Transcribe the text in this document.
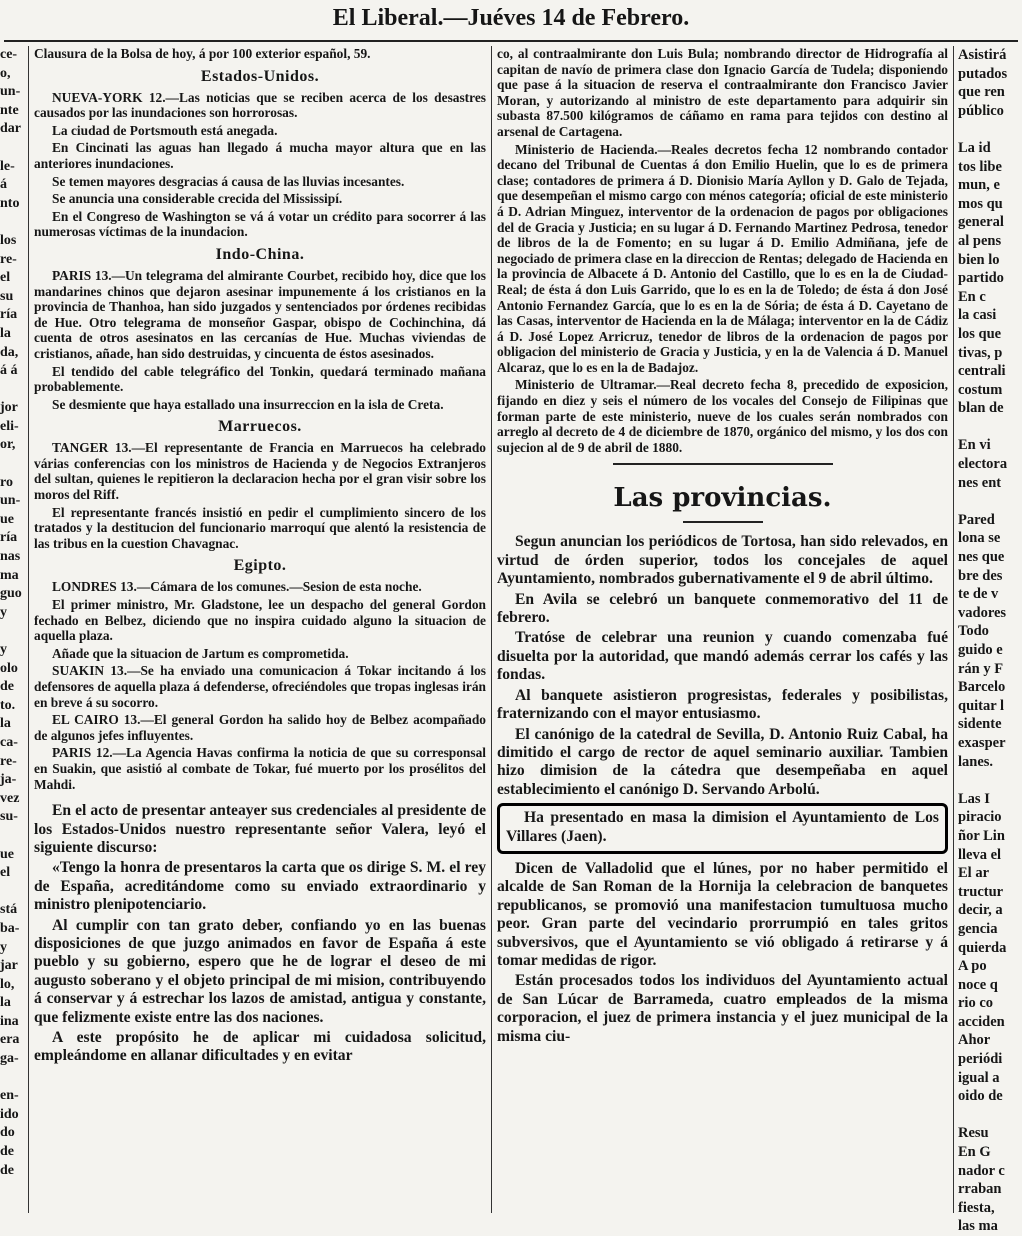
El Liberal.—Juéves 14 de Febrero.
ce-
o,
un-
nte
dar

le-
á
nto

los
re-
el
su
ría
la
da,
á á

jor
eli-
or,

ro
un-
ue
ría
nas
ma
guo
y

y
olo
de
to.
la
ca-
re-
ja-
vez
su-

ue
el

stá
ba-
y
jar
lo,
la
ina
era
ga-

en-
ido
do
de
de

Clausura de la Bolsa de hoy, á por 100 exterior español, 59.

Estados-Unidos.

NUEVA-YORK 12.—Las noticias que se reciben acerca de los desastres causados por las inundaciones son horrorosas.

La ciudad de Portsmouth está anegada.

En Cincinati las aguas han llegado á mucha mayor altura que en las anteriores inundaciones.

Se temen mayores desgracias á causa de las lluvias incesantes.

Se anuncia una considerable crecida del Mississipí.

En el Congreso de Washington se vá á votar un crédito para socorrer á las numerosas víctimas de la inundacion.

Indo-China.

PARIS 13.—Un telegrama del almirante Courbet, recibido hoy, dice que los mandarines chinos que dejaron asesinar impunemente á los cristianos en la provincia de Thanhoa, han sido juzgados y sentenciados por órdenes recibidas de Hue. Otro telegrama de monseñor Gaspar, obispo de Cochinchina, dá cuenta de otros asesinatos en las cercanías de Hue. Muchas viviendas de cristianos, añade, han sido destruidas, y cincuenta de éstos asesinados.

El tendido del cable telegráfico del Tonkin, quedará terminado mañana probablemente.

Se desmiente que haya estallado una insurreccion en la isla de Creta.

Marruecos.

TANGER 13.—El representante de Francia en Marruecos ha celebrado várias conferencias con los ministros de Hacienda y de Negocios Extranjeros del sultan, quienes le repitieron la declaracion hecha por el gran visir sobre los moros del Riff.

El representante francés insistió en pedir el cumplimiento sincero de los tratados y la destitucion del funcionario marroquí que alentó la resistencia de las tribus en la cuestion Chavagnac.

Egipto.

LONDRES 13.—Cámara de los comunes.—Sesion de esta noche.

El primer ministro, Mr. Gladstone, lee un despacho del general Gordon fechado en Belbez, diciendo que no inspira cuidado alguno la situacion de aquella plaza.

Añade que la situacion de Jartum es comprometida.

SUAKIN 13.—Se ha enviado una comunicacion á Tokar incitando á los defensores de aquella plaza á defenderse, ofreciéndoles que tropas inglesas irán en breve á su socorro.

EL CAIRO 13.—El general Gordon ha salido hoy de Belbez acompañado de algunos jefes influyentes.

PARIS 12.—La Agencia Havas confirma la noticia de que su corresponsal en Suakin, que asistió al combate de Tokar, fué muerto por los prosélitos del Mahdi.

En el acto de presentar anteayer sus credenciales al presidente de los Estados-Unidos nuestro representante señor Valera, leyó el siguiente discurso:

«Tengo la honra de presentaros la carta que os dirige S. M. el rey de España, acreditándome como su enviado extraordinario y ministro plenipotenciario.

Al cumplir con tan grato deber, confiando yo en las buenas disposiciones de que juzgo animados en favor de España á este pueblo y su gobierno, espero que he de lograr el deseo de mi augusto soberano y el objeto principal de mi mision, contribuyendo á conservar y á estrechar los lazos de amistad, antigua y constante, que felizmente existe entre las dos naciones.

A este propósito he de aplicar mi cuidadosa solicitud, empleándome en allanar dificultades y en evitar

co, al contraalmirante don Luis Bula; nombrando director de Hidrografía al capitan de navío de primera clase don Ignacio García de Tudela; disponiendo que pase á la situacion de reserva el contraalmirante don Francisco Javier Moran, y autorizando al ministro de este departamento para adquirir sin subasta 87.500 kilógramos de cáñamo en rama para tejidos con destino al arsenal de Cartagena.

Ministerio de Hacienda.—Reales decretos fecha 12 nombrando contador decano del Tribunal de Cuentas á don Emilio Huelin, que lo es de primera clase; contadores de primera á D. Dionisio María Ayllon y D. Galo de Tejada, que desempeñan el mismo cargo con ménos categoría; oficial de este ministerio á D. Adrian Minguez, interventor de la ordenacion de pagos por obligaciones del de Gracia y Justicia; en su lugar á D. Fernando Martinez Pedrosa, tenedor de libros de la de Fomento; en su lugar á D. Emilio Admiñana, jefe de negociado de primera clase en la direccion de Rentas; delegado de Hacienda en la provincia de Albacete á D. Antonio del Castillo, que lo es en la de Ciudad-Real; de ésta á don Luis Garrido, que lo es en la de Toledo; de ésta á don José Antonio Fernandez García, que lo es en la de Sória; de ésta á D. Cayetano de las Casas, interventor de Hacienda en la de Málaga; interventor en la de Cádiz á D. José Lopez Arricruz, tenedor de libros de la ordenacion de pagos por obligacion del ministerio de Gracia y Justicia, y en la de Valencia á D. Manuel Alcaraz, que lo es en la de Badajoz.

Ministerio de Ultramar.—Real decreto fecha 8, precedido de exposicion, fijando en diez y seis el número de los vocales del Consejo de Filipinas que forman parte de este ministerio, nueve de los cuales serán nombrados con arreglo al decreto de 4 de diciembre de 1870, orgánico del mismo, y los dos con sujecion al de 9 de abril de 1880.

Las provincias.

Segun anuncian los periódicos de Tortosa, han sido relevados, en virtud de órden superior, todos los concejales de aquel Ayuntamiento, nombrados gubernativamente el 9 de abril último.

En Avila se celebró un banquete conmemorativo del 11 de febrero.

Tratóse de celebrar una reunion y cuando comenzaba fué disuelta por la autoridad, que mandó además cerrar los cafés y las fondas.

Al banquete asistieron progresistas, federales y posibilistas, fraternizando con el mayor entusiasmo.

El canónigo de la catedral de Sevilla, D. Antonio Ruiz Cabal, ha dimitido el cargo de rector de aquel seminario auxiliar. Tambien hizo dimision de la cátedra que desempeñaba en aquel establecimiento el canónigo D. Servando Arbolú.

Ha presentado en masa la dimision el Ayuntamiento de Los Villares (Jaen).

Dicen de Valladolid que el lúnes, por no haber permitido el alcalde de San Roman de la Hornija la celebracion de banquetes republicanos, se promovió una manifestacion tumultuosa mucho peor. Gran parte del vecindario prorrumpió en tales gritos subversivos, que el Ayuntamiento se vió obligado á retirarse y á tomar medidas de rigor.

Están procesados todos los individuos del Ayuntamiento actual de San Lúcar de Barrameda, cuatro empleados de la misma corporacion, el juez de primera instancia y el juez municipal de la misma ciu-

Asistirá
putados
que ren
público

La id
tos libe
mun, e
mos qu
general
al pens
bien lo
partido
En c
la casi
los que
tivas, p
centrali
costum
blan de

En vi
electora
nes ent

Pared
lona se
nes que
bre des
te de v
vadores
Todo
guido e
rán y F
Barcelo
quitar l
sidente
exasper
lanes.

Las I
piracio
ñor Lin
lleva el
El ar
tructur
decir, a
gencia
quierda
A po
noce q
rio co
acciden
Ahor
periódi
igual a
oido de

Resu
En G
nador c
rraban
fiesta,
las ma
